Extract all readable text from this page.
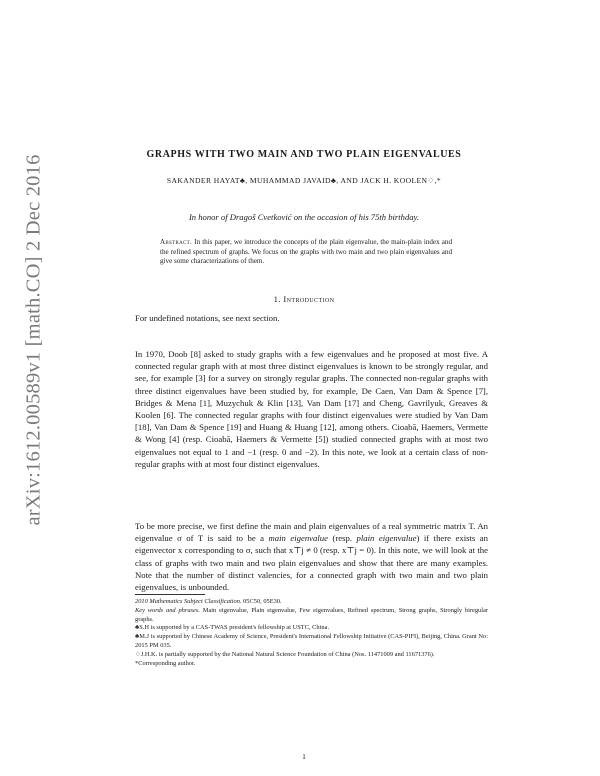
arXiv:1612.00589v1 [math.CO] 2 Dec 2016	GRAPHS WITH TWO MAIN AND TWO PLAIN EIGENVALUES
SAKANDER HAYAT♣, MUHAMMAD JAVAID♣, AND JACK H. KOOLEN♢,*
In honor of Dragoš Cvetković on the occasion of his 75th birthday.
Abstract. In this paper, we introduce the concepts of the plain eigenvalue, the main-plain index and the refined spectrum of graphs. We focus on the graphs with two main and two plain eigenvalues and give some characterizations of them.
1. Introduction

For undefined notations, see next section.

In 1970, Doob [8] asked to study graphs with a few eigenvalues and he proposed at most five. A connected regular graph with at most three distinct eigenvalues is known to be strongly regular, and see, for example [3] for a survey on strongly regular graphs. The connected non-regular graphs with three distinct eigenvalues have been studied by, for example, De Caen, Van Dam & Spence [7], Bridges & Mena [1], Muzychuk & Klin [13], Van Dam [17] and Cheng, Gavrilyuk, Greaves & Koolen [6]. The connected regular graphs with four distinct eigenvalues were studied by Van Dam [18], Van Dam & Spence [19] and Huang & Huang [12], among others. Cioabă, Haemers, Vermette & Wong [4] (resp. Cioabă, Haemers & Vermette [5]) studied connected graphs with at most two eigenvalues not equal to 1 and −1 (resp. 0 and −2). In this note, we look at a certain class of non-regular graphs with at most four distinct eigenvalues.

To be more precise, we first define the main and plain eigenvalues of a real symmetric matrix T. An eigenvalue σ of T is said to be a main eigenvalue (resp. plain eigenvalue) if there exists an eigenvector x corresponding to σ, such that x⊤j ≠ 0 (resp. x⊤j = 0). In this note, we will look at the class of graphs with two main and two plain eigenvalues and show that there are many examples. Note that the number of distinct valencies, for a connected graph with two main and two plain eigenvalues, is unbounded.

2010 Mathematics Subject Classification. 05C50, 05E30.
Key words and phrases. Main eigenvalue, Plain eigenvalue, Few eigenvalues, Refined spectrum, Strong graphs, Strongly biregular graphs.
♣S.H is supported by a CAS-TWAS president's fellowship at USTC, China.
♣M.J is supported by Chinese Academy of Science, President's International Fellowship Initiative (CAS-PIFI), Beijing, China. Grant No: 2015 PM 035.
♢J.H.K. is partially supported by the National Natural Science Foundation of China (Nos. 11471009 and 11671376).
*Corresponding author.
1
